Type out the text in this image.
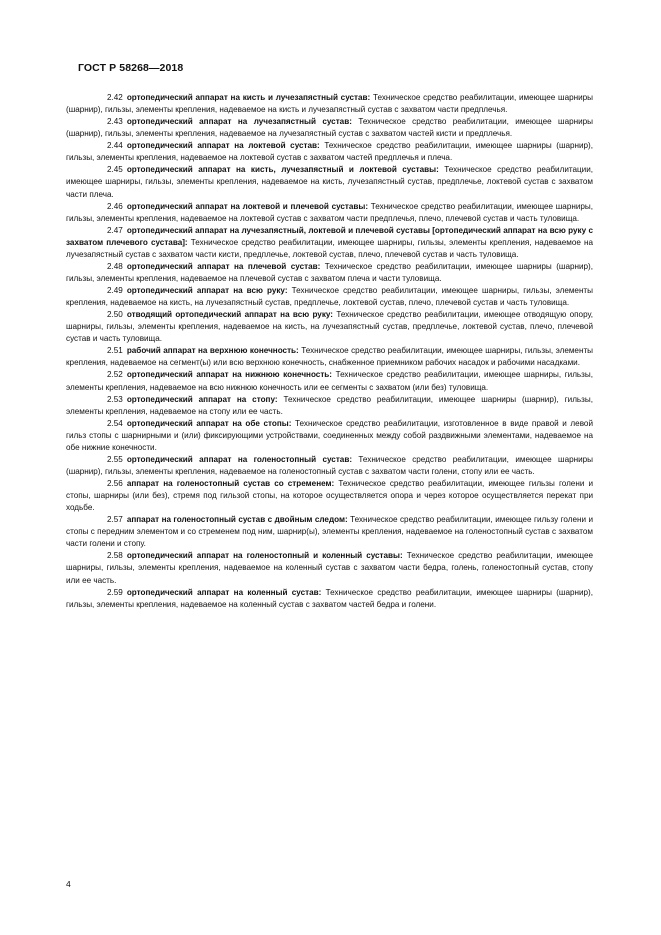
ГОСТ Р 58268—2018

2.42 ортопедический аппарат на кисть и лучезапястный сустав: Техническое средство реабилитации, имеющее шарниры (шарнир), гильзы, элементы крепления, надеваемое на кисть и лучезапястный сустав с захватом части предплечья.

2.43 ортопедический аппарат на лучезапястный сустав: Техническое средство реабилитации, имеющее шарниры (шарнир), гильзы, элементы крепления, надеваемое на лучезапястный сустав с захватом частей кисти и предплечья.

2.44 ортопедический аппарат на локтевой сустав: Техническое средство реабилитации, имеющее шарниры (шарнир), гильзы, элементы крепления, надеваемое на локтевой сустав с захватом частей предплечья и плеча.

2.45 ортопедический аппарат на кисть, лучезапястный и локтевой суставы: Техническое средство реабилитации, имеющее шарниры, гильзы, элементы крепления, надеваемое на кисть, лучезапястный сустав, предплечье, локтевой сустав с захватом части плеча.

2.46 ортопедический аппарат на локтевой и плечевой суставы: Техническое средство реабилитации, имеющее шарниры, гильзы, элементы крепления, надеваемое на локтевой сустав с захватом части предплечья, плечо, плечевой сустав и часть туловища.

2.47 ортопедический аппарат на лучезапястный, локтевой и плечевой суставы [ортопедический аппарат на всю руку с захватом плечевого сустава]: Техническое средство реабилитации, имеющее шарниры, гильзы, элементы крепления, надеваемое на лучезапястный сустав с захватом части кисти, предплечье, локтевой сустав, плечо, плечевой сустав и часть туловища.

2.48 ортопедический аппарат на плечевой сустав: Техническое средство реабилитации, имеющее шарниры (шарнир), гильзы, элементы крепления, надеваемое на плечевой сустав с захватом плеча и части туловища.

2.49 ортопедический аппарат на всю руку: Техническое средство реабилитации, имеющее шарниры, гильзы, элементы крепления, надеваемое на кисть, на лучезапястный сустав, предплечье, локтевой сустав, плечо, плечевой сустав и часть туловища.

2.50 отводящий ортопедический аппарат на всю руку: Техническое средство реабилитации, имеющее отводящую опору, шарниры, гильзы, элементы крепления, надеваемое на кисть, на лучезапястный сустав, предплечье, локтевой сустав, плечо, плечевой сустав и часть туловища.

2.51 рабочий аппарат на верхнюю конечность: Техническое средство реабилитации, имеющее шарниры, гильзы, элементы крепления, надеваемое на сегмент(ы) или всю верхнюю конечность, снабженное приемником рабочих насадок и рабочими насадками.

2.52 ортопедический аппарат на нижнюю конечность: Техническое средство реабилитации, имеющее шарниры, гильзы, элементы крепления, надеваемое на всю нижнюю конечность или ее сегменты с захватом (или без) туловища.

2.53 ортопедический аппарат на стопу: Техническое средство реабилитации, имеющее шарниры (шарнир), гильзы, элементы крепления, надеваемое на стопу или ее часть.

2.54 ортопедический аппарат на обе стопы: Техническое средство реабилитации, изготовленное в виде правой и левой гильз стопы с шарнирными и (или) фиксирующими устройствами, соединенных между собой раздвижными элементами, надеваемое на обе нижние конечности.

2.55 ортопедический аппарат на голеностопный сустав: Техническое средство реабилитации, имеющее шарниры (шарнир), гильзы, элементы крепления, надеваемое на голеностопный сустав с захватом части голени, стопу или ее часть.

2.56 аппарат на голеностопный сустав со стременем: Техническое средство реабилитации, имеющее гильзы голени и стопы, шарниры (или без), стремя под гильзой стопы, на которое осуществляется опора и через которое осуществляется перекат при ходьбе.

2.57 аппарат на голеностопный сустав с двойным следом: Техническое средство реабилитации, имеющее гильзу голени и стопы с передним элементом и со стременем под ним, шарнир(ы), элементы крепления, надеваемое на голеностопный сустав с захватом части голени и стопу.

2.58 ортопедический аппарат на голеностопный и коленный суставы: Техническое средство реабилитации, имеющее шарниры, гильзы, элементы крепления, надеваемое на коленный сустав с захватом части бедра, голень, голеностопный сустав, стопу или ее часть.

2.59 ортопедический аппарат на коленный сустав: Техническое средство реабилитации, имеющее шарниры (шарнир), гильзы, элементы крепления, надеваемое на коленный сустав с захватом частей бедра и голени.

4
